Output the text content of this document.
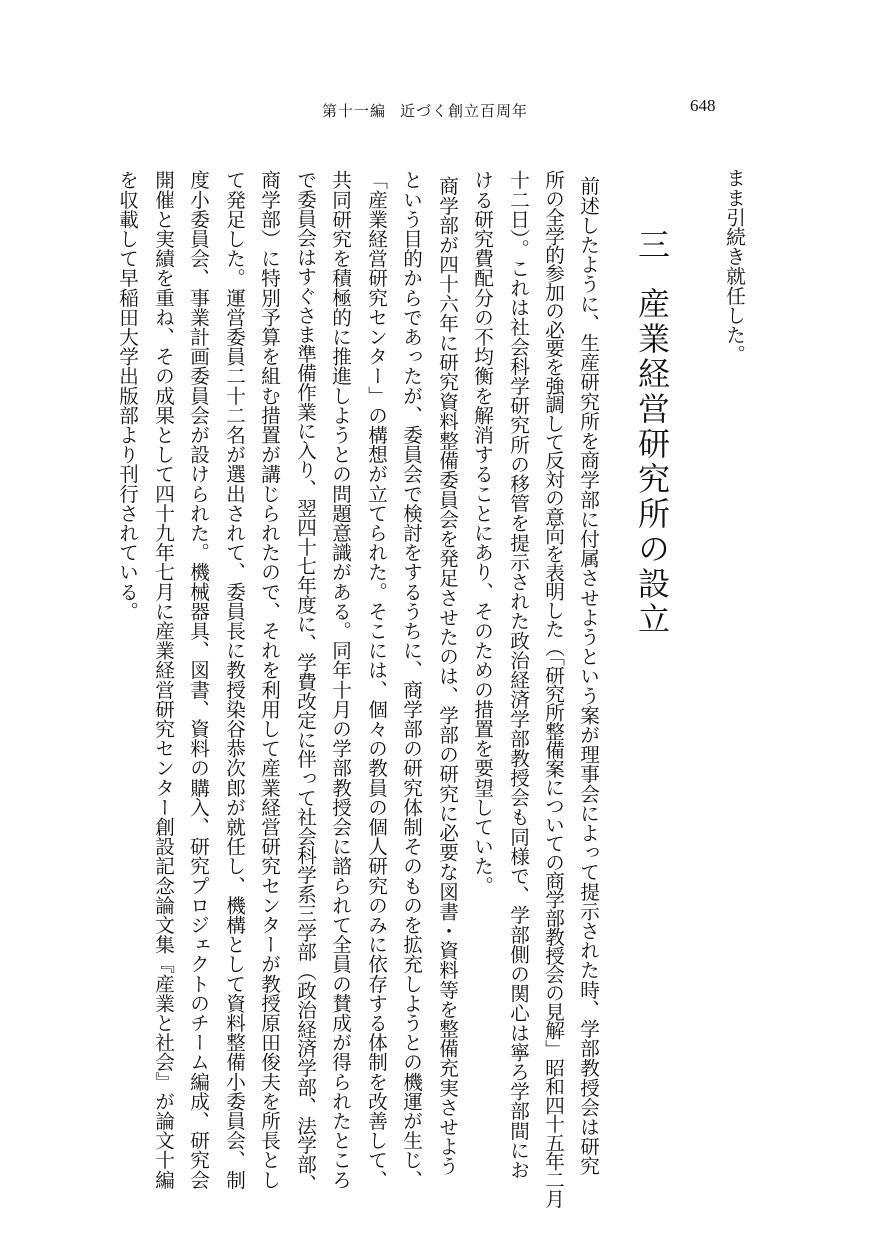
第十一編 近づく創立百周年	648
三産業経営研究所の設立
まま引続き就任した。
前述したように、生産研究所を商学部に付属させようという案が理事会によって提示された時、学部教授会は研究
所の全学的参加の必要を強調して反対の意向を表明した（「研究所整備案についての商学部教授会の見解」昭和四十五年二月
十二日）。これは社会科学研究所の移管を提示された政治経済学部教授会も同様で、学部側の関心は寧ろ学部間にお
ける研究費配分の不均衡を解消することにあり、そのための措置を要望していた。
商学部が四十六年に研究資料整備委員会を発足させたのは、学部の研究に必要な図書・資料等を整備充実させよう
という目的からであったが、委員会で検討をするうちに、商学部の研究体制そのものを拡充しようとの機運が生じ、
「産業経営研究センター」の構想が立てられた。そこには、個々の教員の個人研究のみに依存する体制を改善して、
共同研究を積極的に推進しようとの問題意識がある。同年十月の学部教授会に諮られて全員の賛成が得られたところ
で委員会はすぐさま準備作業に入り、翌四十七年度に、学費改定に伴って社会科学系三学部（政治経済学部、法学部、
商学部）に特別予算を組む措置が講じられたので、それを利用して産業経営研究センターが教授原田俊夫を所長とし
て発足した。運営委員二十二名が選出されて、委員長に教授染谷恭次郎が就任し、機構として資料整備小委員会、制
度小委員会、事業計画委員会が設けられた。機械器具、図書、資料の購入、研究プロジェクトのチーム編成、研究会
開催と実績を重ね、その成果として四十九年七月に産業経営研究センター創設記念論文集『産業と社会』が論文十編
を収載して早稲田大学出版部より刊行されている。
